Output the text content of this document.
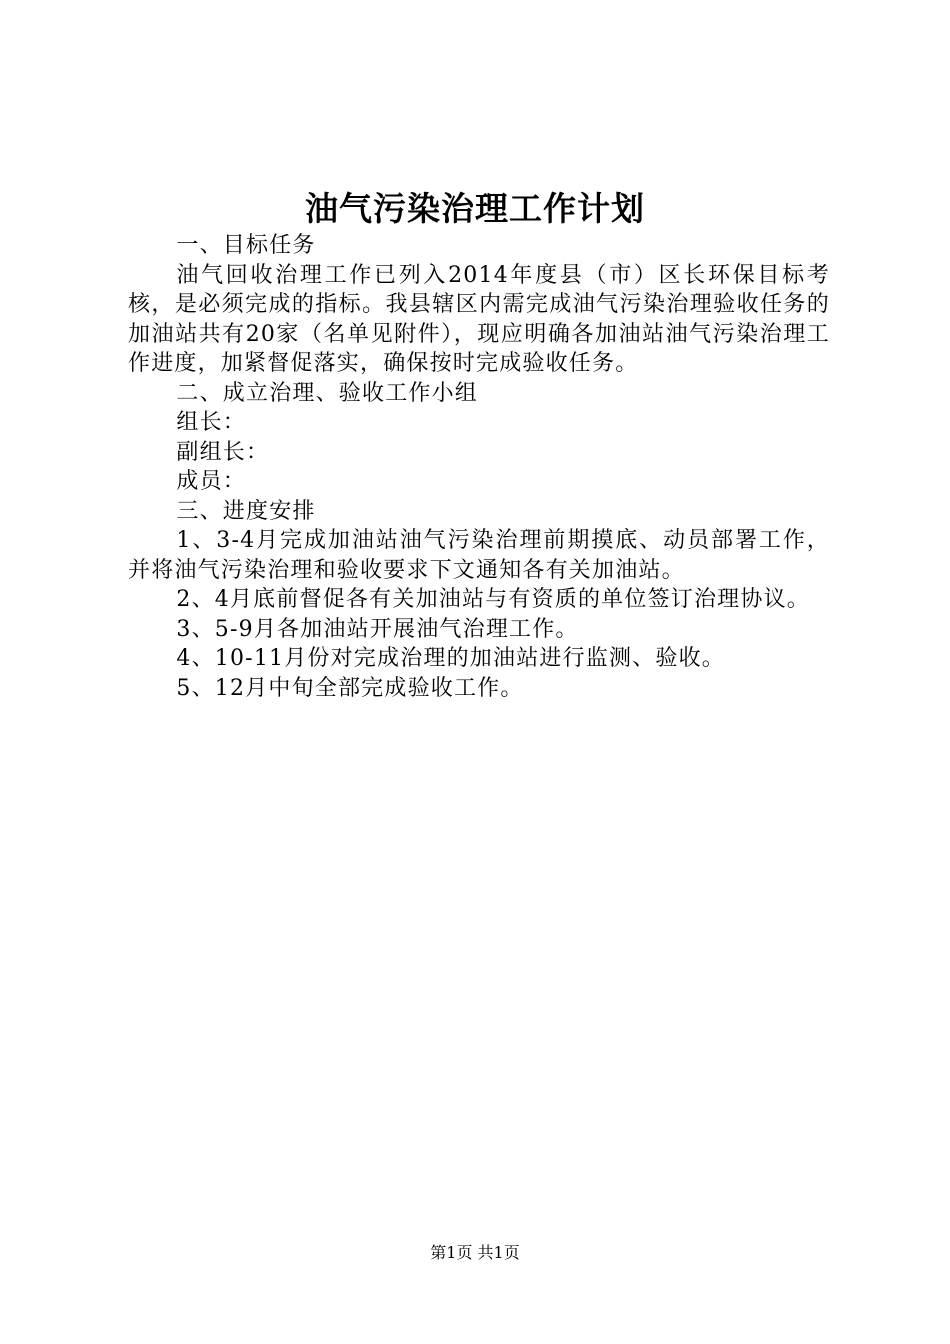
油气污染治理工作计划

一、目标任务

油气回收治理工作已列入2014年度县（市）区长环保目标考核，是必须完成的指标。我县辖区内需完成油气污染治理验收任务的加油站共有20家（名单见附件），现应明确各加油站油气污染治理工作进度，加紧督促落实，确保按时完成验收任务。

二、成立治理、验收工作小组

组长：

副组长：

成员：

三、进度安排

1、3-4月完成加油站油气污染治理前期摸底、动员部署工作，并将油气污染治理和验收要求下文通知各有关加油站。

2、4月底前督促各有关加油站与有资质的单位签订治理协议。

3、5-9月各加油站开展油气治理工作。

4、10-11月份对完成治理的加油站进行监测、验收。

5、12月中旬全部完成验收工作。

第1页 共1页
